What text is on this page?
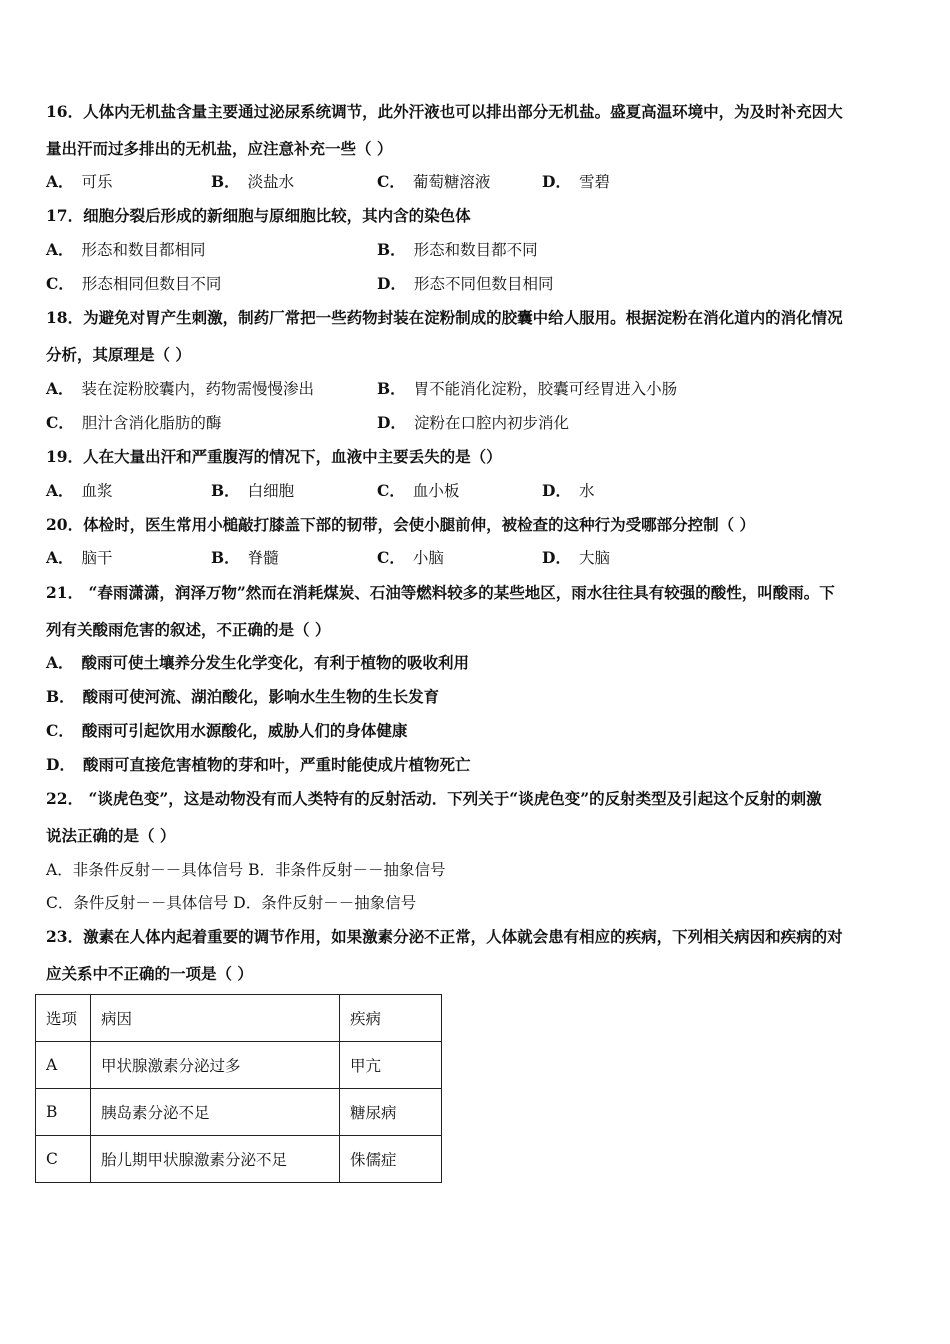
16．人体内无机盐含量主要通过泌尿系统调节，此外汗液也可以排出部分无机盐。盛夏高温环境中，为及时补充因大
量出汗而过多排出的无机盐，应注意补充一些（ ）
A． 可乐	B． 淡盐水	C． 葡萄糖溶液	D． 雪碧
17．细胞分裂后形成的新细胞与原细胞比较，其内含的染色体
A． 形态和数目都相同	B． 形态和数目都不同
C． 形态相同但数目不同	D． 形态不同但数目相同
18．为避免对胃产生刺激，制药厂常把一些药物封装在淀粉制成的胶囊中给人服用。根据淀粉在消化道内的消化情况
分析，其原理是（ ）
A． 装在淀粉胶囊内，药物需慢慢渗出	B． 胃不能消化淀粉，胶囊可经胃进入小肠
C． 胆汁含消化脂肪的酶	D． 淀粉在口腔内初步消化
19．人在大量出汗和严重腹泻的情况下，血液中主要丢失的是（）
A． 血浆	B． 白细胞	C． 血小板	D． 水
20．体检时，医生常用小槌敲打膝盖下部的韧带，会使小腿前伸，被检查的这种行为受哪部分控制（ ）
A． 脑干	B． 脊髓	C． 小脑	D． 大脑
21． “春雨潇潇，润泽万物”然而在消耗煤炭、石油等燃料较多的某些地区，雨水往往具有较强的酸性，叫酸雨。下
列有关酸雨危害的叙述，不正确的是（ ）
A． 酸雨可使土壤养分发生化学变化，有利于植物的吸收利用
B． 酸雨可使河流、湖泊酸化，影响水生生物的生长发育
C． 酸雨可引起饮用水源酸化，威胁人们的身体健康
D． 酸雨可直接危害植物的芽和叶，严重时能使成片植物死亡
22． “谈虎色变”，这是动物没有而人类特有的反射活动．下列关于“谈虎色变”的反射类型及引起这个反射的刺激
说法正确的是（ ）
A．非条件反射－－具体信号 B．非条件反射－－抽象信号
C．条件反射－－具体信号 D．条件反射－－抽象信号
23．激素在人体内起着重要的调节作用，如果激素分泌不正常，人体就会患有相应的疾病，下列相关病因和疾病的对
应关系中不正确的一项是（ ）
选项	病因	疾病
A	甲状腺激素分泌过多	甲亢
B	胰岛素分泌不足	糖尿病
C	胎儿期甲状腺激素分泌不足	侏儒症
